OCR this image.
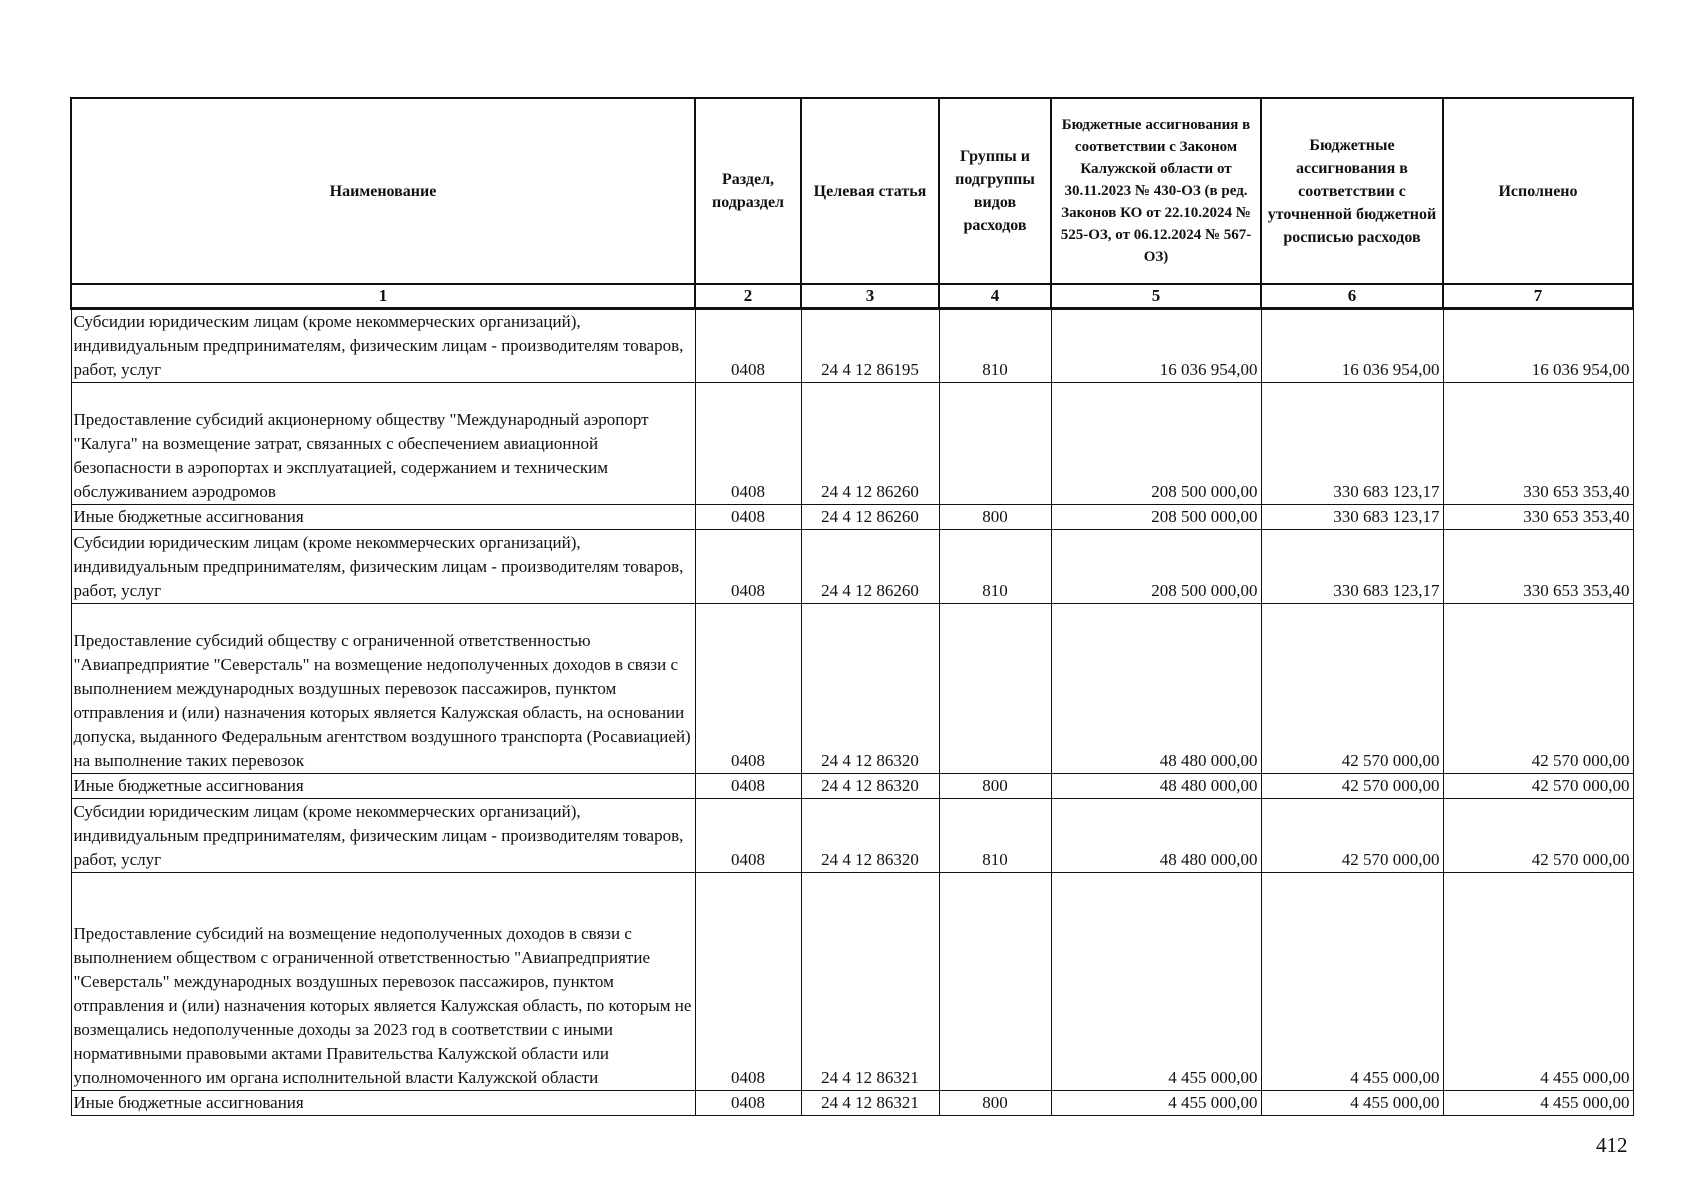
Наименование	Раздел, подраздел	Целевая статья	Группы и подгруппы видов расходов	Бюджетные ассигнования в соответствии с Законом Калужской области от 30.11.2023 № 430-ОЗ (в ред. Законов КО от 22.10.2024 № 525-ОЗ, от 06.12.2024 № 567-ОЗ)	Бюджетные ассигнования в соответствии с уточненной бюджетной росписью расходов	Исполнено
1	2	3	4	5	6	7
Субсидии юридическим лицам (кроме некоммерческих организаций), индивидуальным предпринимателям, физическим лицам - производителям товаров, работ, услуг	0408	24 4 12 86195	810	16 036 954,00	16 036 954,00	16 036 954,00
Предоставление субсидий акционерному обществу "Международный аэропорт "Калуга" на возмещение затрат, связанных с обеспечением авиационной безопасности в аэропортах и эксплуатацией, содержанием и техническим обслуживанием аэродромов	0408	24 4 12 86260		208 500 000,00	330 683 123,17	330 653 353,40
Иные бюджетные ассигнования	0408	24 4 12 86260	800	208 500 000,00	330 683 123,17	330 653 353,40
Субсидии юридическим лицам (кроме некоммерческих организаций), индивидуальным предпринимателям, физическим лицам - производителям товаров, работ, услуг	0408	24 4 12 86260	810	208 500 000,00	330 683 123,17	330 653 353,40
Предоставление субсидий обществу с ограниченной ответственностью "Авиапредприятие "Северсталь" на возмещение недополученных доходов в связи с выполнением международных воздушных перевозок пассажиров, пунктом отправления и (или) назначения которых является Калужская область, на основании допуска, выданного Федеральным агентством воздушного транспорта (Росавиацией) на выполнение таких перевозок	0408	24 4 12 86320		48 480 000,00	42 570 000,00	42 570 000,00
Иные бюджетные ассигнования	0408	24 4 12 86320	800	48 480 000,00	42 570 000,00	42 570 000,00
Субсидии юридическим лицам (кроме некоммерческих организаций), индивидуальным предпринимателям, физическим лицам - производителям товаров, работ, услуг	0408	24 4 12 86320	810	48 480 000,00	42 570 000,00	42 570 000,00
Предоставление субсидий на возмещение недополученных доходов в связи с выполнением обществом с ограниченной ответственностью "Авиапредприятие "Северсталь" международных воздушных перевозок пассажиров, пунктом отправления и (или) назначения которых является Калужская область, по которым не возмещались недополученные доходы за 2023 год в соответствии с иными нормативными правовыми актами Правительства Калужской области или уполномоченного им органа исполнительной власти Калужской области	0408	24 4 12 86321		4 455 000,00	4 455 000,00	4 455 000,00
Иные бюджетные ассигнования	0408	24 4 12 86321	800	4 455 000,00	4 455 000,00	4 455 000,00
412
